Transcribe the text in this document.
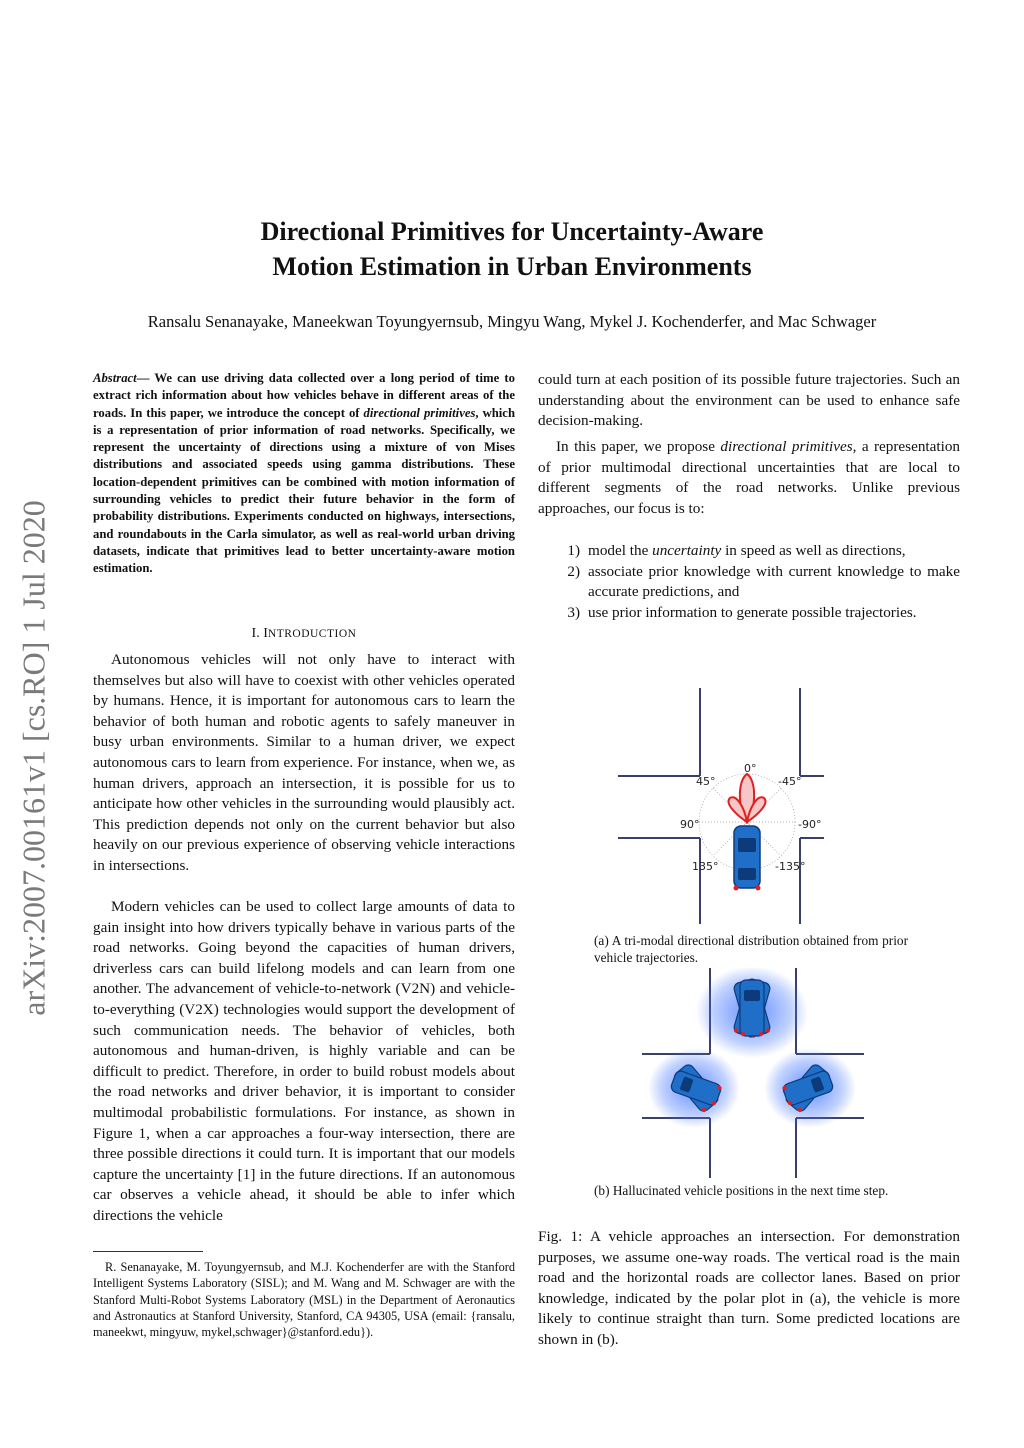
Directional Primitives for Uncertainty-Aware
Motion Estimation in Urban Environments
Ransalu Senanayake, Maneekwan Toyungyernsub, Mingyu Wang, Mykel J. Kochenderfer, and Mac Schwager
arXiv:2007.00161v1 [cs.RO] 1 Jul 2020
Abstract— We can use driving data collected over a long period of time to extract rich information about how vehicles behave in different areas of the roads. In this paper, we introduce the concept of directional primitives, which is a representation of prior information of road networks. Specifically, we represent the uncertainty of directions using a mixture of von Mises distributions and associated speeds using gamma distributions. These location-dependent primitives can be combined with motion information of surrounding vehicles to predict their future behavior in the form of probability distributions. Experiments conducted on highways, intersections, and roundabouts in the Carla simulator, as well as real-world urban driving datasets, indicate that primitives lead to better uncertainty-aware motion estimation.
I. INTRODUCTION
Autonomous vehicles will not only have to interact with themselves but also will have to coexist with other vehicles operated by humans. Hence, it is important for autonomous cars to learn the behavior of both human and robotic agents to safely maneuver in busy urban environments. Similar to a human driver, we expect autonomous cars to learn from experience. For instance, when we, as human drivers, approach an intersection, it is possible for us to anticipate how other vehicles in the surrounding would plausibly act. This prediction depends not only on the current behavior but also heavily on our previous experience of observing vehicle interactions in intersections.
Modern vehicles can be used to collect large amounts of data to gain insight into how drivers typically behave in various parts of the road networks. Going beyond the capacities of human drivers, driverless cars can build lifelong models and can learn from one another. The advancement of vehicle-to-network (V2N) and vehicle-to-everything (V2X) technologies would support the development of such communication needs. The behavior of vehicles, both autonomous and human-driven, is highly variable and can be difficult to predict. Therefore, in order to build robust models about the road networks and driver behavior, it is important to consider multimodal probabilistic formulations. For instance, as shown in Figure 1, when a car approaches a four-way intersection, there are three possible directions it could turn. It is important that our models capture the uncertainty [1] in the future directions. If an autonomous car observes a vehicle ahead, it should be able to infer which directions the vehicle
R. Senanayake, M. Toyungyernsub, and M.J. Kochenderfer are with the Stanford Intelligent Systems Laboratory (SISL); and M. Wang and M. Schwager are with the Stanford Multi-Robot Systems Laboratory (MSL) in the Department of Aeronautics and Astronautics at Stanford University, Stanford, CA 94305, USA (email: {ransalu, maneekwt, mingyuw, mykel,schwager}@stanford.edu}).
could turn at each position of its possible future trajectories. Such an understanding about the environment can be used to enhance safe decision-making.
In this paper, we propose directional primitives, a representation of prior multimodal directional uncertainties that are local to different segments of the road networks. Unlike previous approaches, our focus is to:
1) model the uncertainty in speed as well as directions,
2) associate prior knowledge with current knowledge to make accurate predictions, and
3) use prior information to generate possible trajectories.
0°
45°	-45°
90°	-90°
135°	-135°
(a) A tri-modal directional distribution obtained from prior vehicle trajectories.
(b) Hallucinated vehicle positions in the next time step.
Fig. 1: A vehicle approaches an intersection. For demonstration purposes, we assume one-way roads. The vertical road is the main road and the horizontal roads are collector lanes. Based on prior knowledge, indicated by the polar plot in (a), the vehicle is more likely to continue straight than turn. Some predicted locations are shown in (b).
